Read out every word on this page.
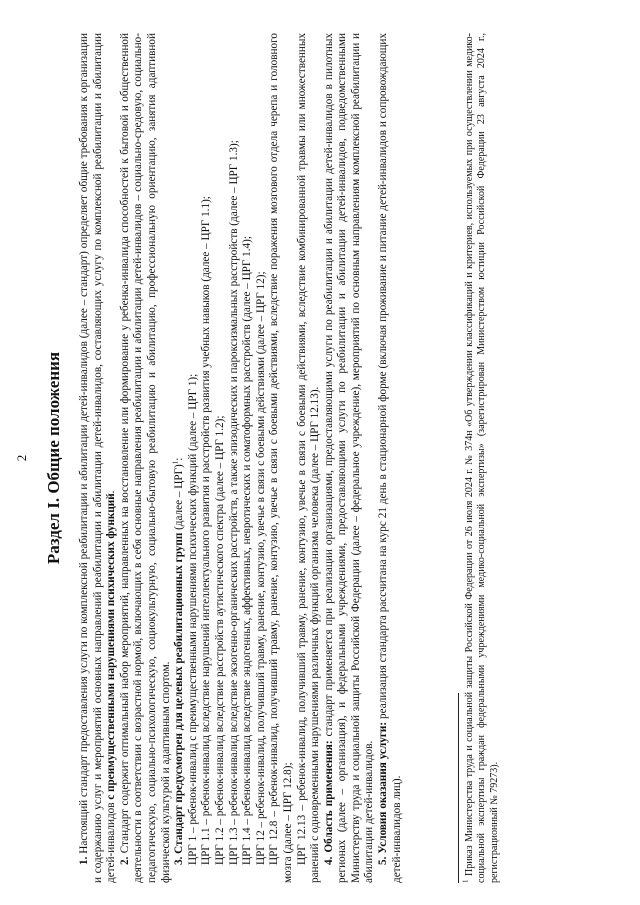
2 Раздел I. Общие положения

1. Настоящий стандарт предоставления услуги по комплексной реабилитации и абилитации детей-инвалидов (далее – стандарт) определяет общие требования к организации и содержанию услуг и мероприятий основных направлений реабилитации и абилитации детей-инвалидов, составляющих услугу по комплексной реабилитации и абилитации детей-инвалидов с преимущественными нарушениями психических функций.

2. Стандарт содержит оптимальный набор мероприятий, направленных на восстановление или формирование у ребенка-инвалида способностей к бытовой и общественной деятельности в соответствии с возрастной нормой, включающих в себя основные направления реабилитации и абилитации детей-инвалидов – социально-средовую, социально-педагогическую, социально-психологическую, социокультурную, социально-бытовую реабилитацию и абилитацию, профессиональную ориентацию, занятия адаптивной физической культурой и адаптивным спортом. 3. Стандарт предусмотрен для целевых реабилитационных групп (далее – ЦРГ)$^1$: ЦРГ 1 – ребенок-инвалид с преимущественными нарушениями психических функций (далее – ЦРГ 1); ЦРГ 1.1 – ребенок-инвалид вследствие нарушений интеллектуального развития и расстройств развития учебных навыков (далее – ЦРГ 1.1); ЦРГ 1.2 – ребенок-инвалид вследствие расстройств аутистического спектра (далее – ЦРГ 1.2); ЦРГ 1.3 – ребенок-инвалид вследствие экзогенно-органических расстройств, а также эпизодических и пароксизмальных расстройств (далее – ЦРГ 1.3); ЦРГ 1.4 – ребенок-инвалид вследствие эндогенных, аффективных, невротических и соматоформных расстройств (далее – ЦРГ 1.4); ЦРГ 12 – ребенок-инвалид, получивший травму, ранение, контузию, увечье в связи с боевыми действиями (далее – ЦРГ 12); ЦРГ 12.8 – ребенок-инвалид, получивший травму, ранение, контузию, увечье в связи с боевыми действиями, вследствие поражения мозгового отдела черепа и головного мозга (далее – ЦРГ 12.8); ЦРГ 12.13 – ребенок-инвалид, получивший травму, ранение, контузию, увечье в связи с боевыми действиями, вследствие комбинированной травмы или множественных ранений с одновременными нарушениями различных функций организма человека (далее – ЦРГ 12.13). 4. Область применения: стандарт применяется при реализации организациями, предоставляющими услуги по реабилитации и абилитации детей-инвалидов в пилотных регионах (далее – организация), и федеральными учреждениями, предоставляющими услуги по реабилитации и абилитации детей-инвалидов, подведомственными Министерству труда и социальной защиты Российской Федерации (далее – федеральное учреждение), мероприятий по основным направлениям комплексной реабилитации и абилитации детей-инвалидов. 5. Условия оказания услуги: реализация стандарта рассчитана на курс 21 день в стационарной форме (включая проживание и питание детей-инвалидов и сопровождающих детей-инвалидов лиц).	$^1$ Приказ Министерства труда и социальной защиты Российской Федерации от 26 июля 2024 г. № 374н «Об утверждении классификаций и критериев, используемых при осуществлении медико-социальной экспертизы граждан федеральными учреждениями медико-социальной экспертизы» (зарегистрирован Министерством юстиции Российской Федерации 23 августа 2024 г., регистрационный № 79273).
